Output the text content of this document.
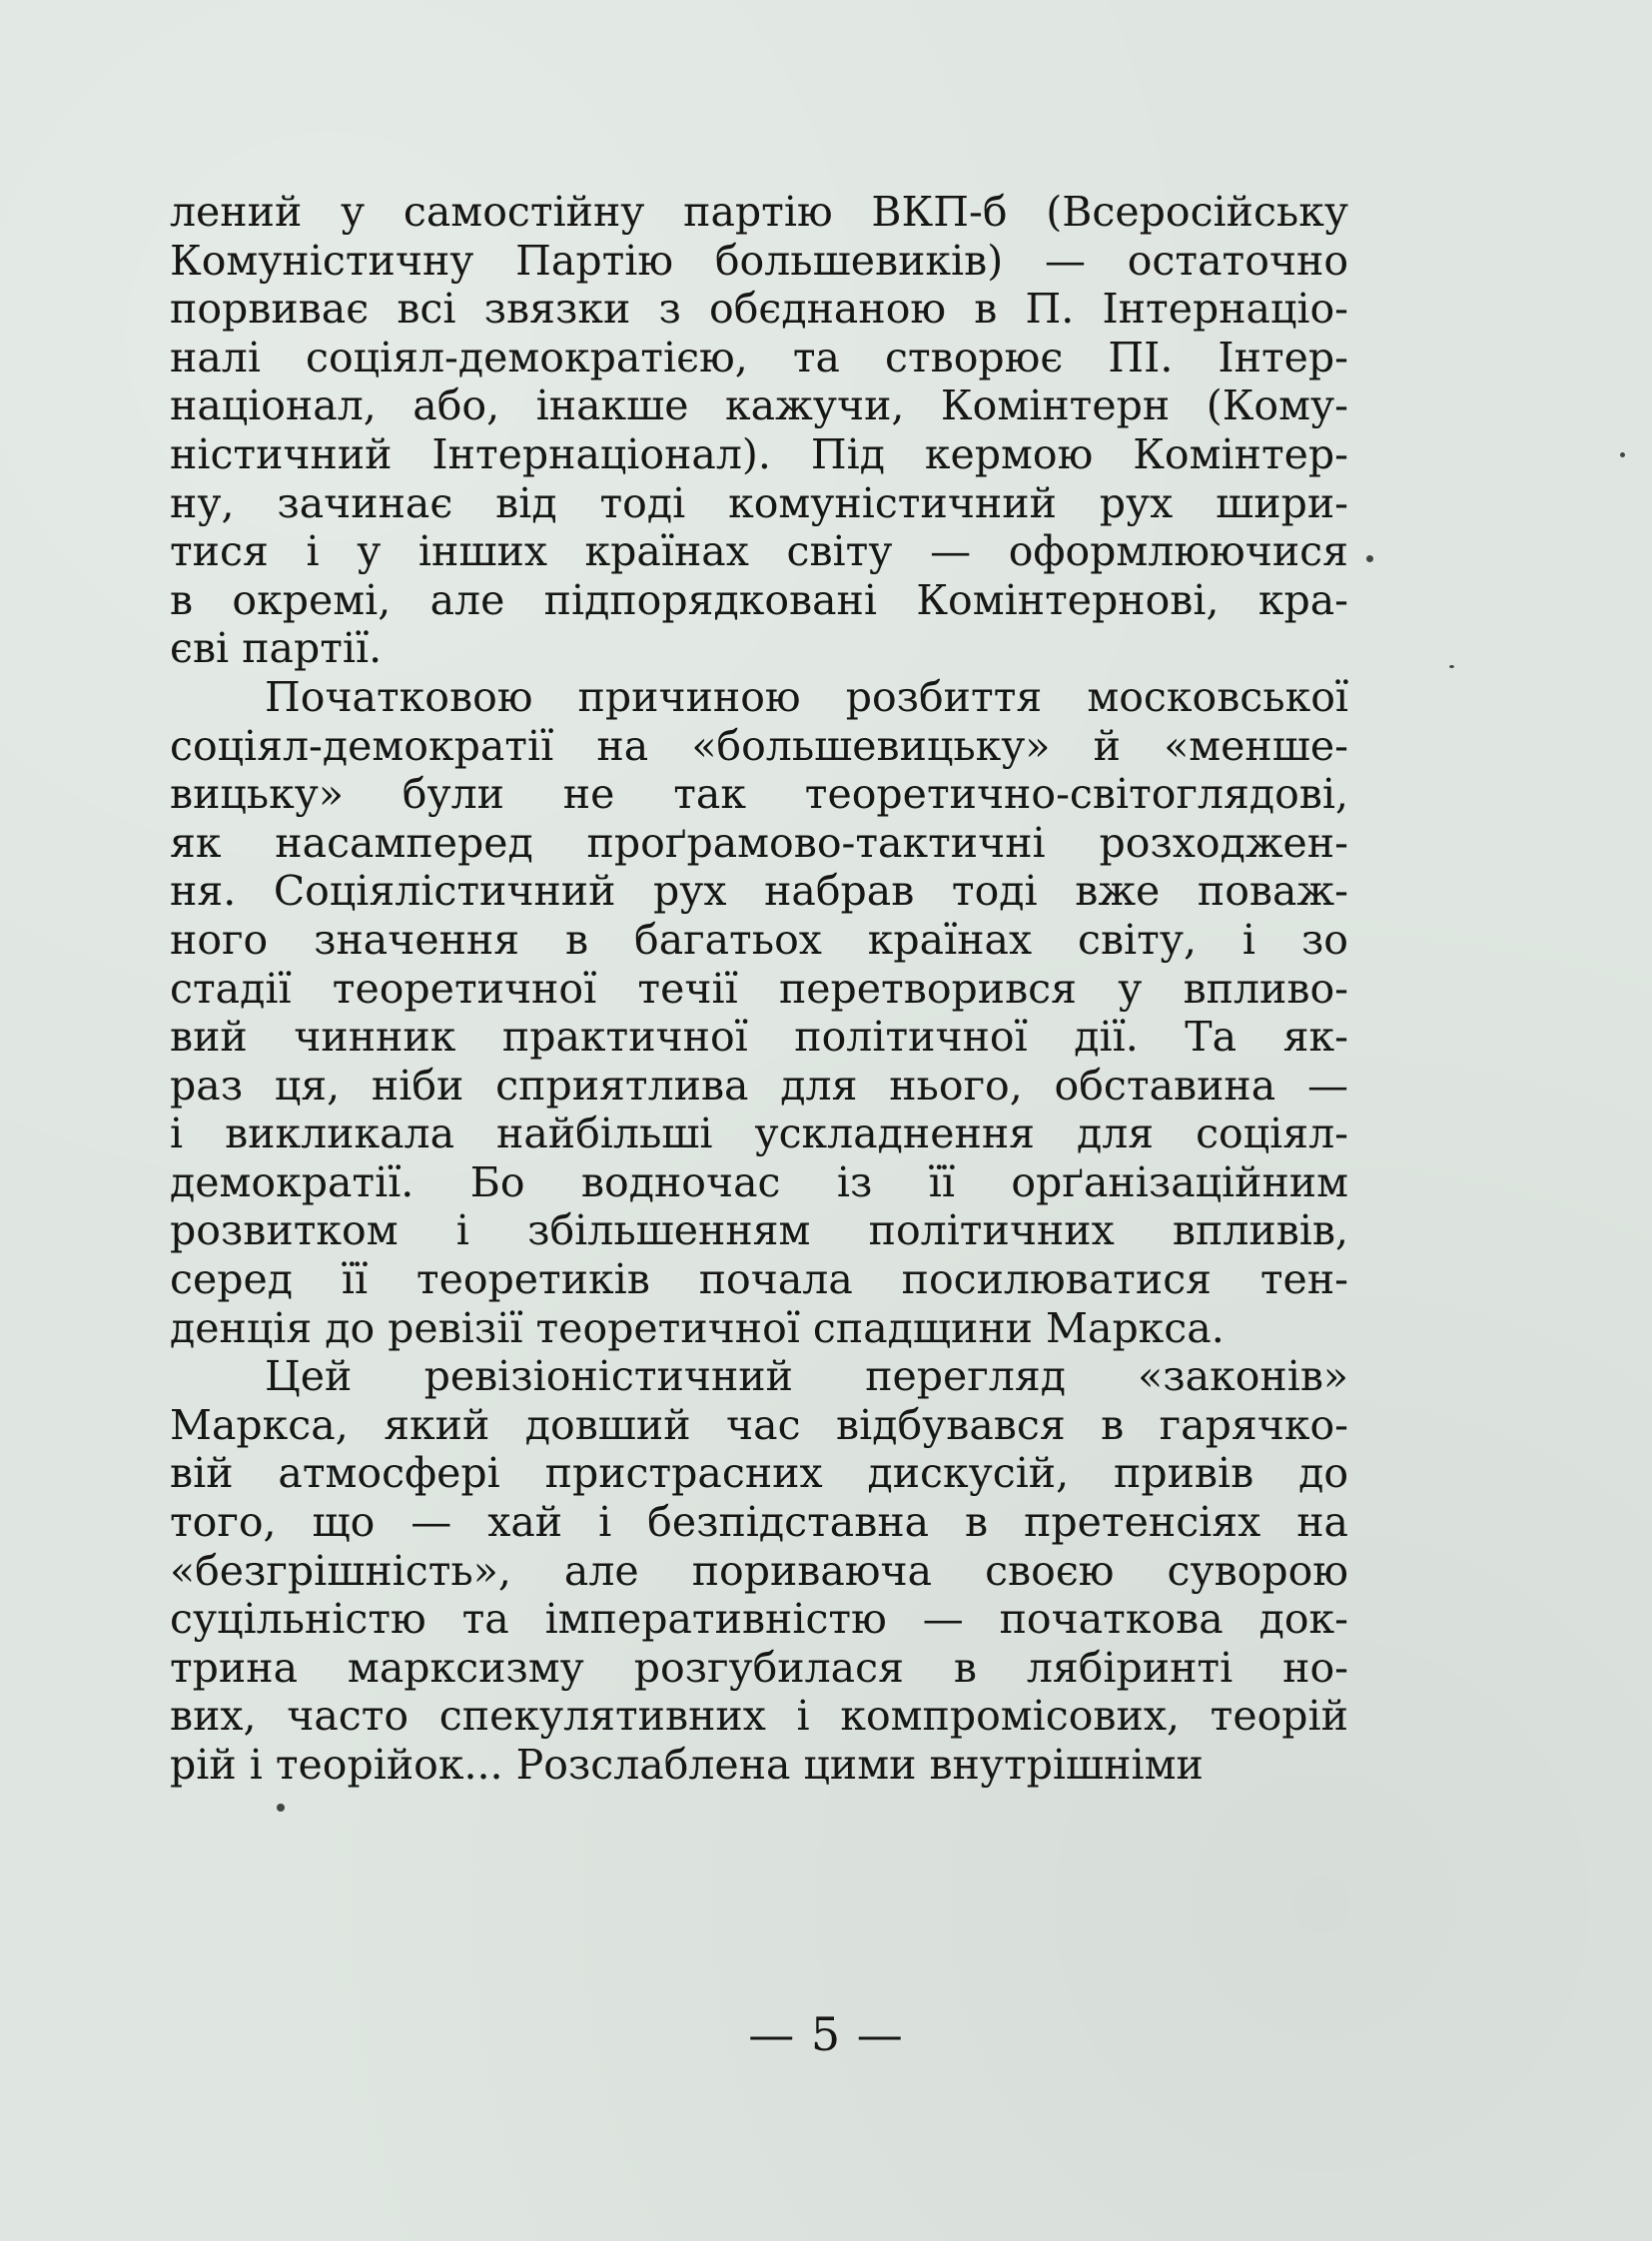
лений у самостійну партію ВКП-б (Всеросійську
Комуністичну Партію большевиків) — остаточно
порвиває всі звязки з обєднаною в П. Інтернаціо-
налі соціял-демократією, та створює ПІ. Інтер-
націонал, або, інакше кажучи, Комінтерн (Кому-
ністичний Інтернаціонал). Під кермою Комінтер-
ну, зачинає від тоді комуністичний рух шири-
тися і у інших країнах світу — оформлюючися
в окремі, але підпорядковані Комінтернові, кра-
єві партії.
Початковою причиною розбиття московської
соціял-демократії на «большевицьку» й «менше-
вицьку» були не так теоретично-світоглядові,
як насамперед проґрамово-тактичні розходжен-
ня. Соціялістичний рух набрав тоді вже поваж-
ного значення в багатьох країнах світу, і зо
стадії теоретичної течії перетворився у впливо-
вий чинник практичної політичної дії. Та як-
раз ця, ніби сприятлива для нього, обставина —
і викликала найбільші ускладнення для соціял-
демократії. Бо водночас із її орґанізаційним
розвитком і збільшенням політичних впливів,
серед її теоретиків почала посилюватися тен-
денція до ревізії теоретичної спадщини Маркса.
Цей ревізіоністичний перегляд «законів»
Маркса, який довший час відбувався в гарячко-
вій атмосфері пристрасних дискусій, привів до
того, що — хай і безпідставна в претенсіях на
«безгрішність», але пориваюча своєю суворою
суцільністю та імперативністю — початкова док-
трина марксизму розгубилася в лябіринті но-
вих, часто спекулятивних і компромісових, теорій
рій і теорійок... Розслаблена цими внутрішніми
— 5 —
